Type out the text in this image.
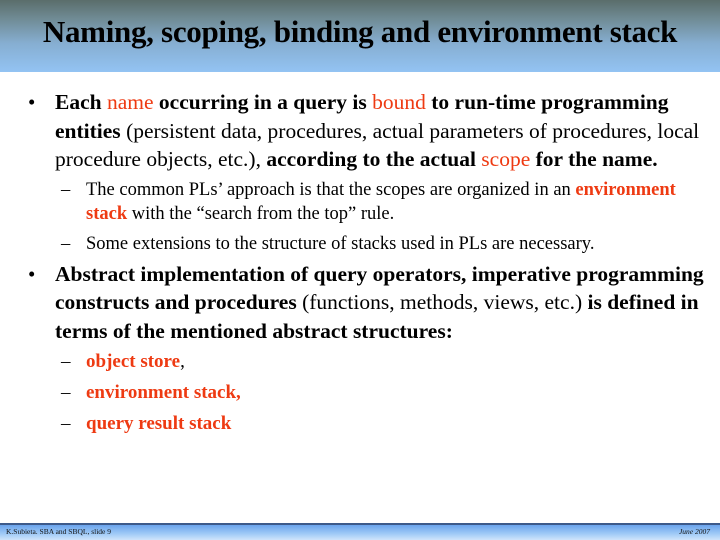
Naming, scoping, binding and environment stack
• Each name occurring in a query is bound to run-time programming entities (persistent data, procedures, actual parameters of procedures, local procedure objects, etc.), according to the actual scope for the name.
– The common PLs’ approach is that the scopes are organized in an environment stack with the “search from the top” rule.
– Some extensions to the structure of stacks used in PLs are necessary.
• Abstract implementation of query operators, imperative programming constructs and procedures (functions, methods, views, etc.) is defined in terms of the mentioned abstract structures:
– object store,
– environment stack,
– query result stack
K.Subieta. SBA and SBQL, slide 9	June 2007
